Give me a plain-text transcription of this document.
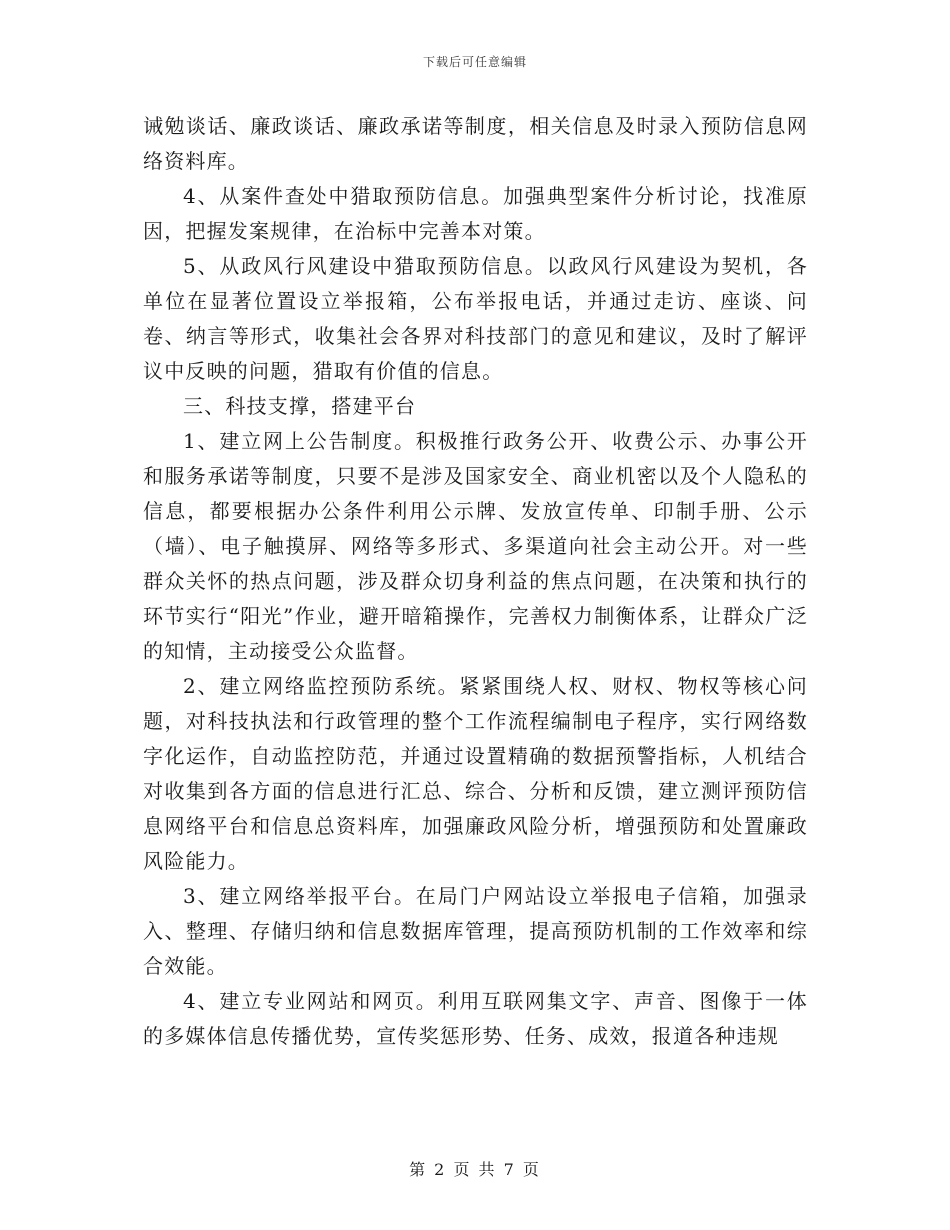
下载后可任意编辑

诫勉谈话、廉政谈话、廉政承诺等制度，相关信息及时录入预防信息网络资料库。

4、从案件查处中猎取预防信息。加强典型案件分析讨论，找准原因，把握发案规律，在治标中完善本对策。

5、从政风行风建设中猎取预防信息。以政风行风建设为契机，各单位在显著位置设立举报箱，公布举报电话，并通过走访、座谈、问卷、纳言等形式，收集社会各界对科技部门的意见和建议，及时了解评议中反映的问题，猎取有价值的信息。

三、科技支撑，搭建平台

1、建立网上公告制度。积极推行政务公开、收费公示、办事公开和服务承诺等制度，只要不是涉及国家安全、商业机密以及个人隐私的信息，都要根据办公条件利用公示牌、发放宣传单、印制手册、公示（墙）、电子触摸屏、网络等多形式、多渠道向社会主动公开。对一些群众关怀的热点问题，涉及群众切身利益的焦点问题，在决策和执行的环节实行“阳光”作业，避开暗箱操作，完善权力制衡体系，让群众广泛的知情，主动接受公众监督。

2、建立网络监控预防系统。紧紧围绕人权、财权、物权等核心问题，对科技执法和行政管理的整个工作流程编制电子程序，实行网络数字化运作，自动监控防范，并通过设置精确的数据预警指标，人机结合对收集到各方面的信息进行汇总、综合、分析和反馈，建立测评预防信息网络平台和信息总资料库，加强廉政风险分析，增强预防和处置廉政风险能力。

3、建立网络举报平台。在局门户网站设立举报电子信箱，加强录入、整理、存储归纳和信息数据库管理，提高预防机制的工作效率和综合效能。

4、建立专业网站和网页。利用互联网集文字、声音、图像于一体的多媒体信息传播优势，宣传奖惩形势、任务、成效，报道各种违规

第 2 页 共 7 页
